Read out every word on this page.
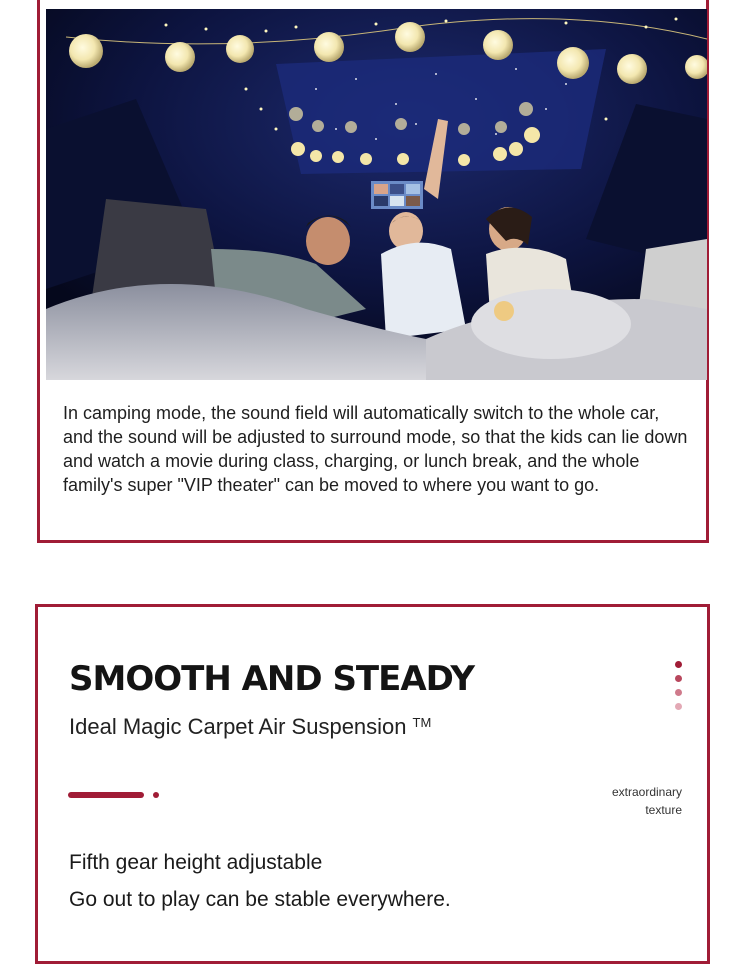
In camping mode, the sound field will automatically switch to the whole car, and the sound will be adjusted to surround mode, so that the kids can lie down and watch a movie during class, charging, or lunch break, and the whole family's super "VIP theater" can be moved to where you want to go.
SMOOTH AND STEADY
Ideal Magic Carpet Air Suspension ™
extraordinary
texture
Fifth gear height adjustable
Go out to play can be stable everywhere.
